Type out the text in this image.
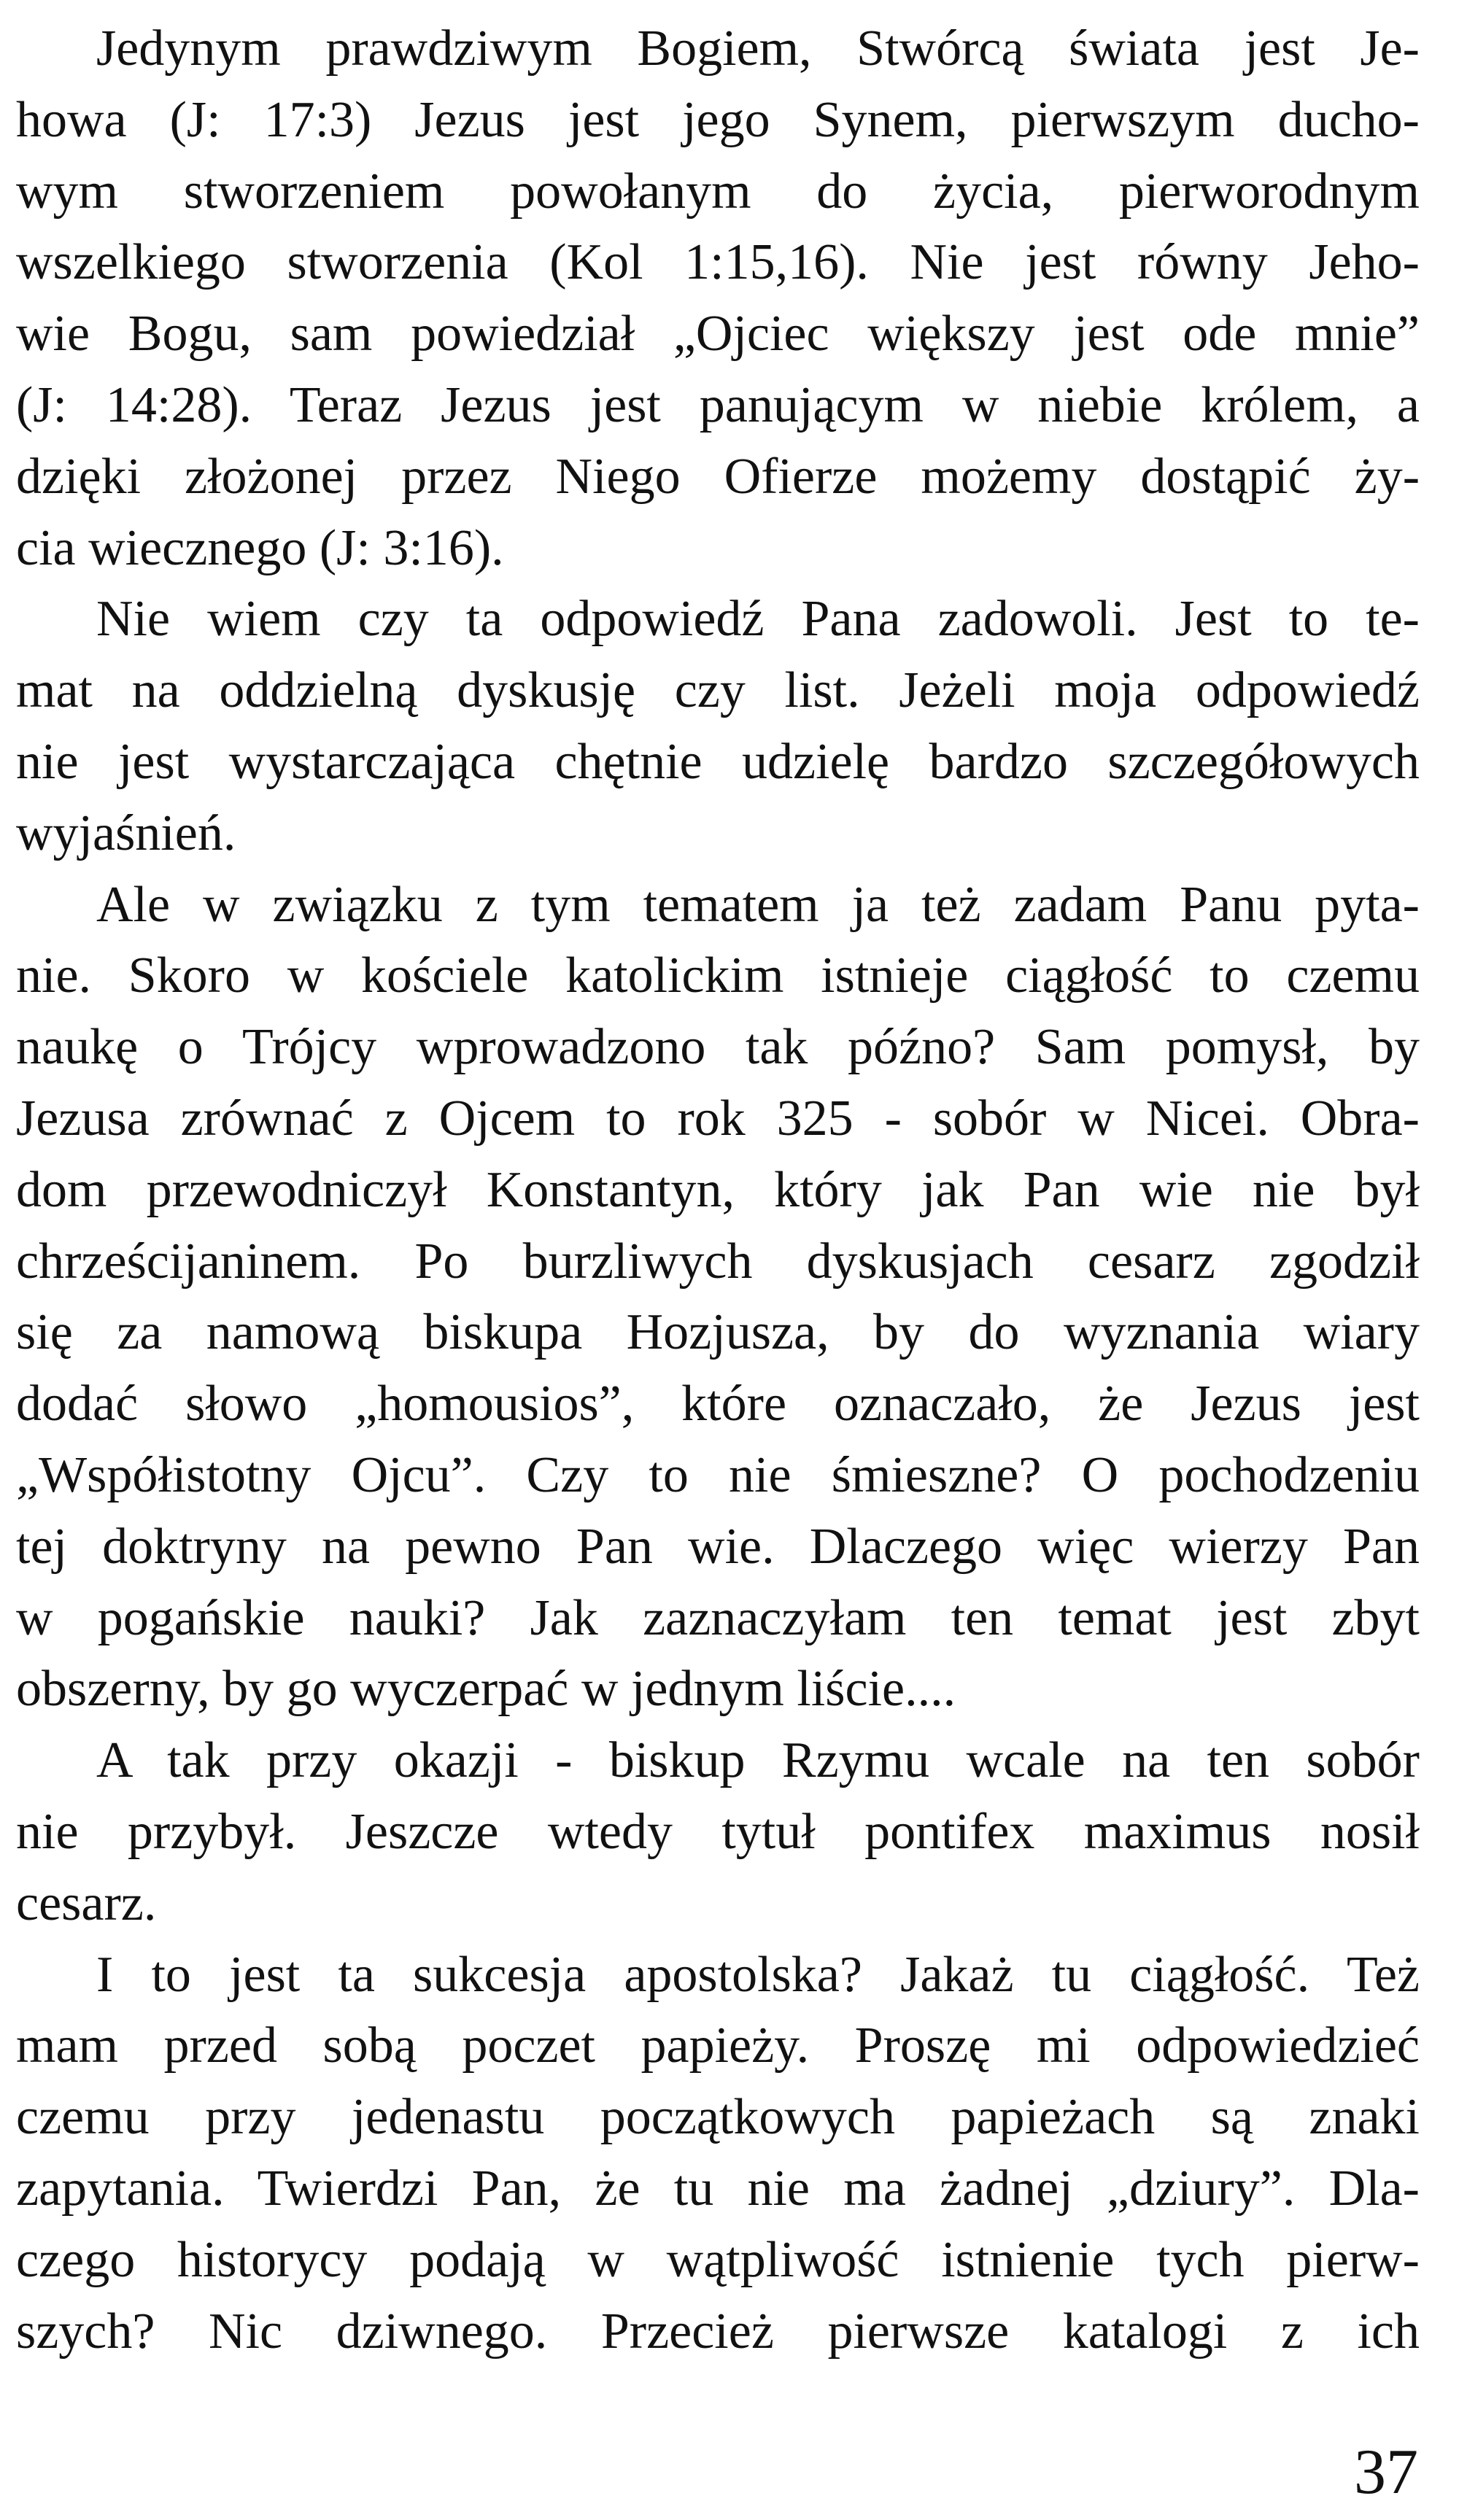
Jedynym prawdziwym Bogiem, Stwórcą świata jest Je-
howa (J: 17:3) Jezus jest jego Synem, pierwszym ducho-
wym stworzeniem powołanym do życia, pierworodnym
wszelkiego stworzenia (Kol 1:15,16). Nie jest równy Jeho-
wie Bogu, sam powiedział „Ojciec większy jest ode mnie”
(J: 14:28). Teraz Jezus jest panującym w niebie królem, a
dzięki złożonej przez Niego Ofierze możemy dostąpić ży-
cia wiecznego (J: 3:16).
Nie wiem czy ta odpowiedź Pana zadowoli. Jest to te-
mat na oddzielną dyskusję czy list. Jeżeli moja odpowiedź
nie jest wystarczająca chętnie udzielę bardzo szczegółowych
wyjaśnień.
Ale w związku z tym tematem ja też zadam Panu pyta-
nie. Skoro w kościele katolickim istnieje ciągłość to czemu
naukę o Trójcy wprowadzono tak późno? Sam pomysł, by
Jezusa zrównać z Ojcem to rok 325 - sobór w Nicei. Obra-
dom przewodniczył Konstantyn, który jak Pan wie nie był
chrześcijaninem. Po burzliwych dyskusjach cesarz zgodził
się za namową biskupa Hozjusza, by do wyznania wiary
dodać słowo „homousios”, które oznaczało, że Jezus jest
„Współistotny Ojcu”. Czy to nie śmieszne? O pochodzeniu
tej doktryny na pewno Pan wie. Dlaczego więc wierzy Pan
w pogańskie nauki? Jak zaznaczyłam ten temat jest zbyt
obszerny, by go wyczerpać w jednym liście....
A tak przy okazji - biskup Rzymu wcale na ten sobór
nie przybył. Jeszcze wtedy tytuł pontifex maximus nosił
cesarz.
I to jest ta sukcesja apostolska? Jakaż tu ciągłość. Też
mam przed sobą poczet papieży. Proszę mi odpowiedzieć
czemu przy jedenastu początkowych papieżach są znaki
zapytania. Twierdzi Pan, że tu nie ma żadnej „dziury”. Dla-
czego historycy podają w wątpliwość istnienie tych pierw-
szych? Nic dziwnego. Przecież pierwsze katalogi z ich
37
